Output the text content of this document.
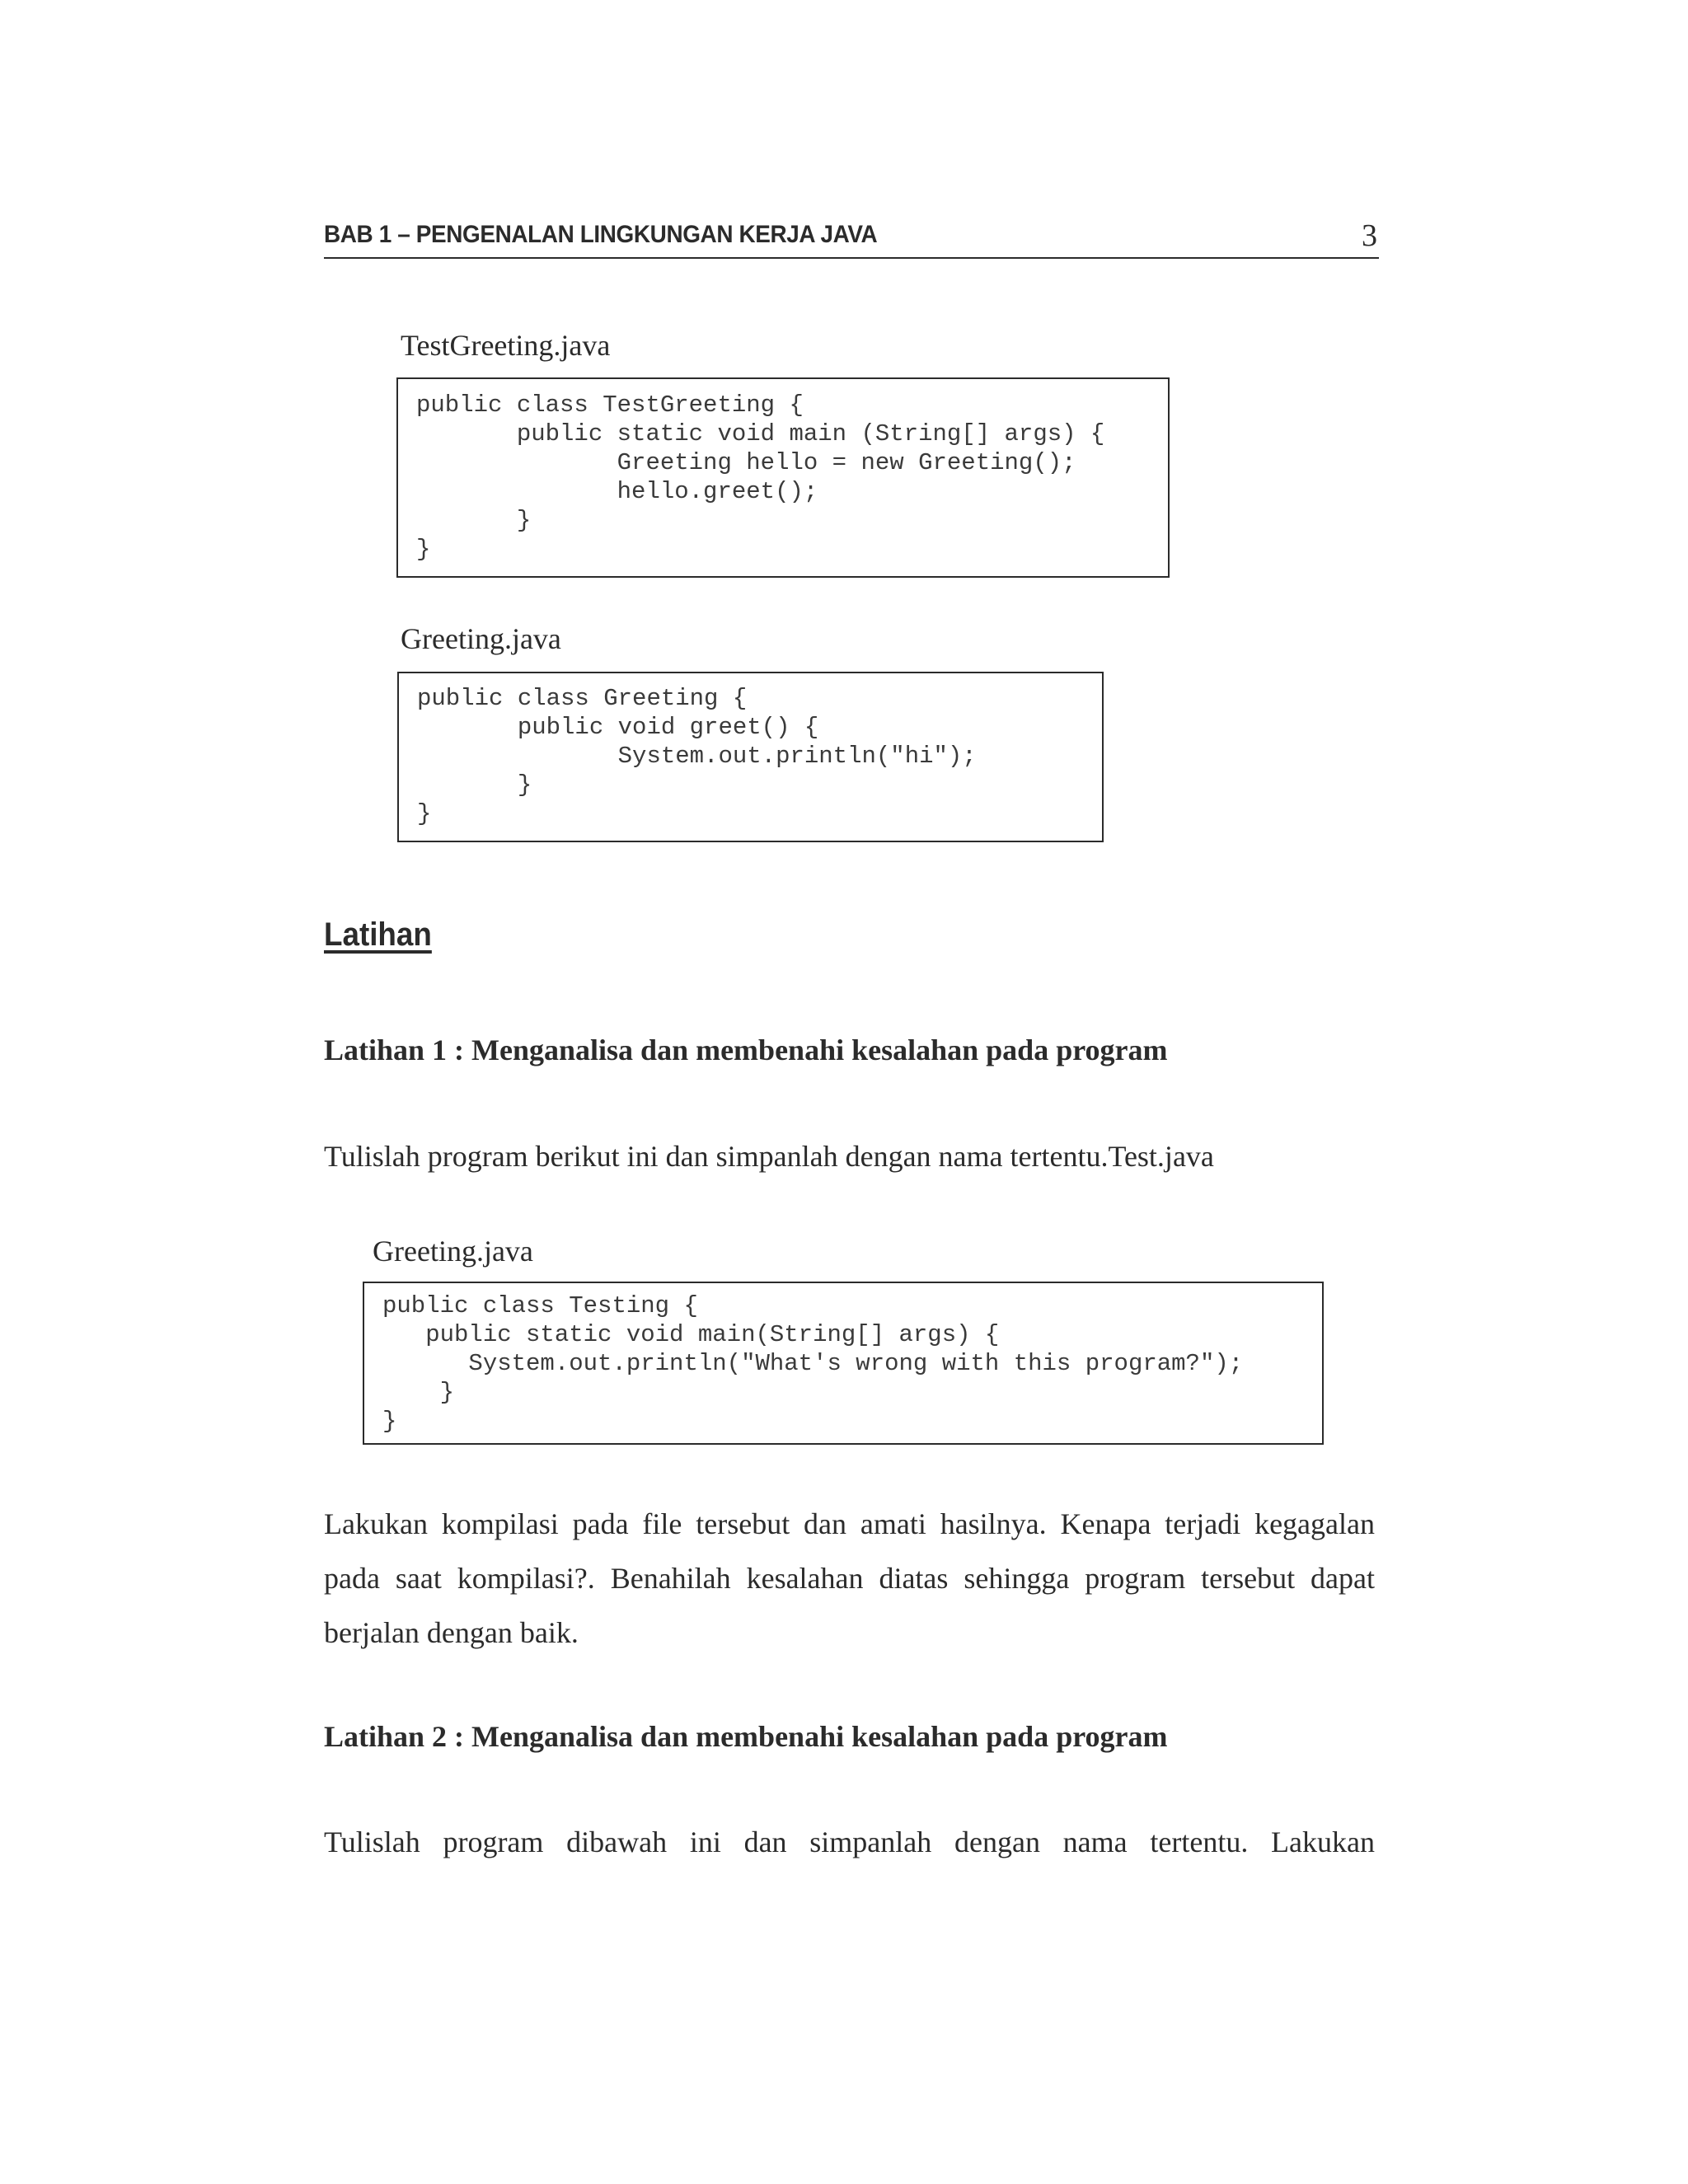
BAB 1 – PENGENALAN LINGKUNGAN KERJA JAVA	3
TestGreeting.java
public class TestGreeting {
public static void main (String[] args) {
Greeting hello = new Greeting();
hello.greet();
}
}
Greeting.java
public class Greeting {
public void greet() {
System.out.println("hi");
}
}
Latihan
Latihan 1 : Menganalisa dan membenahi kesalahan pada program
Tulislah program berikut ini dan simpanlah dengan nama tertentu.Test.java
Greeting.java
public class Testing {
public static void main(String[] args) {
System.out.println("What's wrong with this program?");
}
}
Lakukan kompilasi pada file tersebut dan amati hasilnya. Kenapa terjadi kegagalan
pada saat kompilasi?. Benahilah kesalahan diatas sehingga program tersebut dapat
berjalan dengan baik.
Latihan 2 : Menganalisa dan membenahi kesalahan pada program
Tulislah program dibawah ini dan simpanlah dengan nama tertentu. Lakukan
